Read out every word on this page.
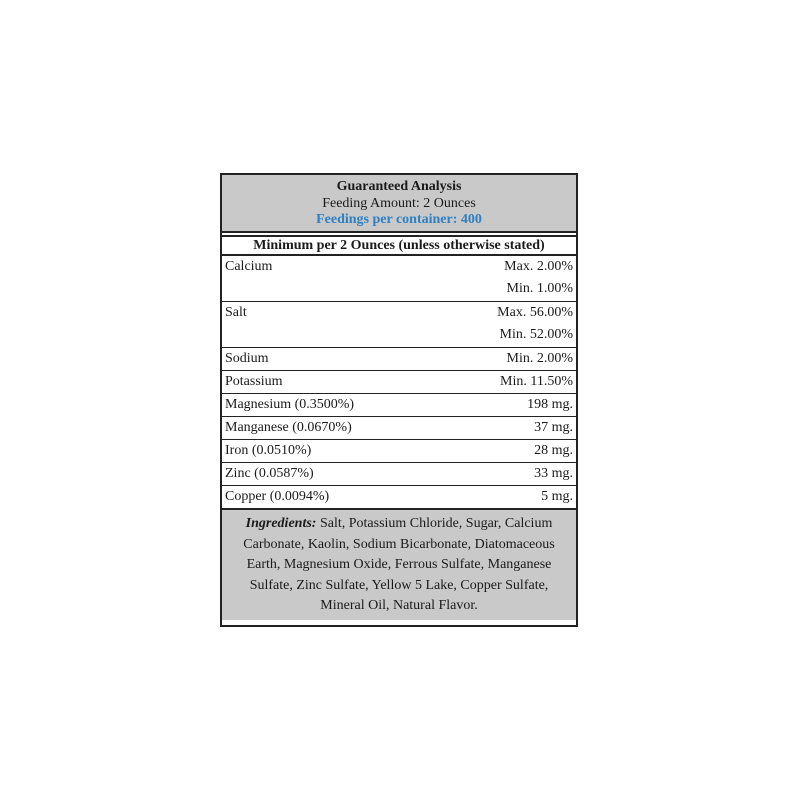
Guaranteed Analysis
Feeding Amount: 2 Ounces
Feedings per container: 400
Minimum per 2 Ounces (unless otherwise stated)
Calcium	Max. 2.00%
Min. 1.00%
Salt	Max. 56.00%
Min. 52.00%
Sodium	Min. 2.00%
Potassium	Min. 11.50%
Magnesium (0.3500%)	198 mg.
Manganese (0.0670%)	37 mg.
Iron (0.0510%)	28 mg.
Zinc (0.0587%)	33 mg.
Copper (0.0094%)	5 mg.
Ingredients: Salt, Potassium Chloride, Sugar, Calcium Carbonate, Kaolin, Sodium Bicarbonate, Diatomaceous Earth, Magnesium Oxide, Ferrous Sulfate, Manganese Sulfate, Zinc Sulfate, Yellow 5 Lake, Copper Sulfate, Mineral Oil, Natural Flavor.
